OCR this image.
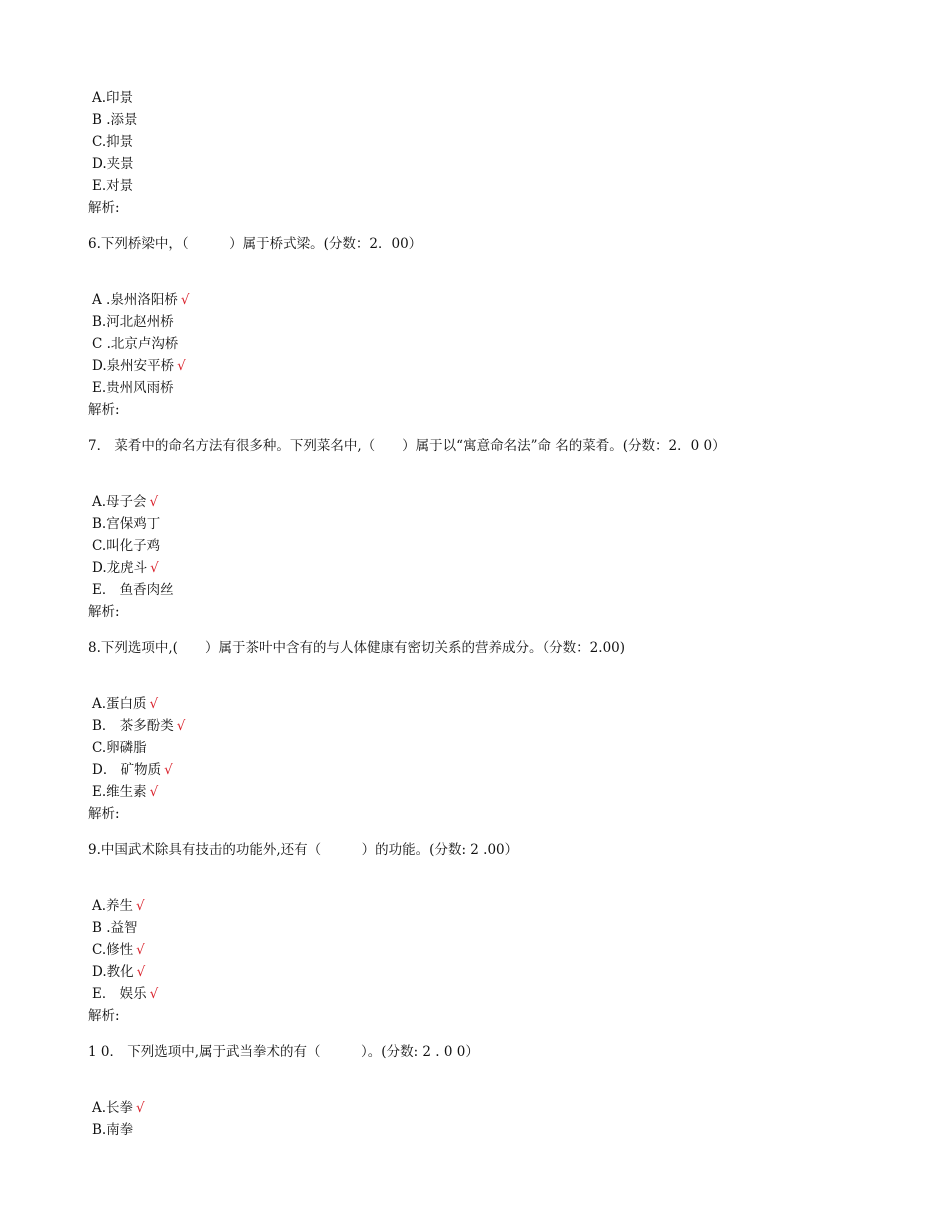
A.印景
B .添景
C.抑景
D.夹景
E.对景
解析:
6.下列桥梁中，（　　　）属于桥式梁。(分数：2．00）
A .泉州洛阳桥 √
B.河北赵州桥
C .北京卢沟桥
D.泉州安平桥 √
E.贵州风雨桥
解析:
7． 菜肴中的命名方法有很多种。下列菜名中,（　　）属于以“寓意命名法”命 名的菜肴。(分数：2．0 0）
A.母子会 √
B.宫保鸡丁
C.叫化子鸡
D.龙虎斗 √
E． 鱼香肉丝
解析:
8.下列选项中,(　　）属于茶叶中含有的与人体健康有密切关系的营养成分。（分数：2.00)
A.蛋白质 √
B． 茶多酚类 √
C.卵磷脂
D． 矿物质 √
E.维生素 √
解析:
9.中国武术除具有技击的功能外,还有（　　　）的功能。(分数: 2 .00）
A.养生 √
B .益智
C.修性 √
D.教化 √
E． 娱乐 √
解析:
1 0． 下列选项中,属于武当拳术的有（　　　）。(分数: 2 . 0 0）
A.长拳 √
B.南拳
